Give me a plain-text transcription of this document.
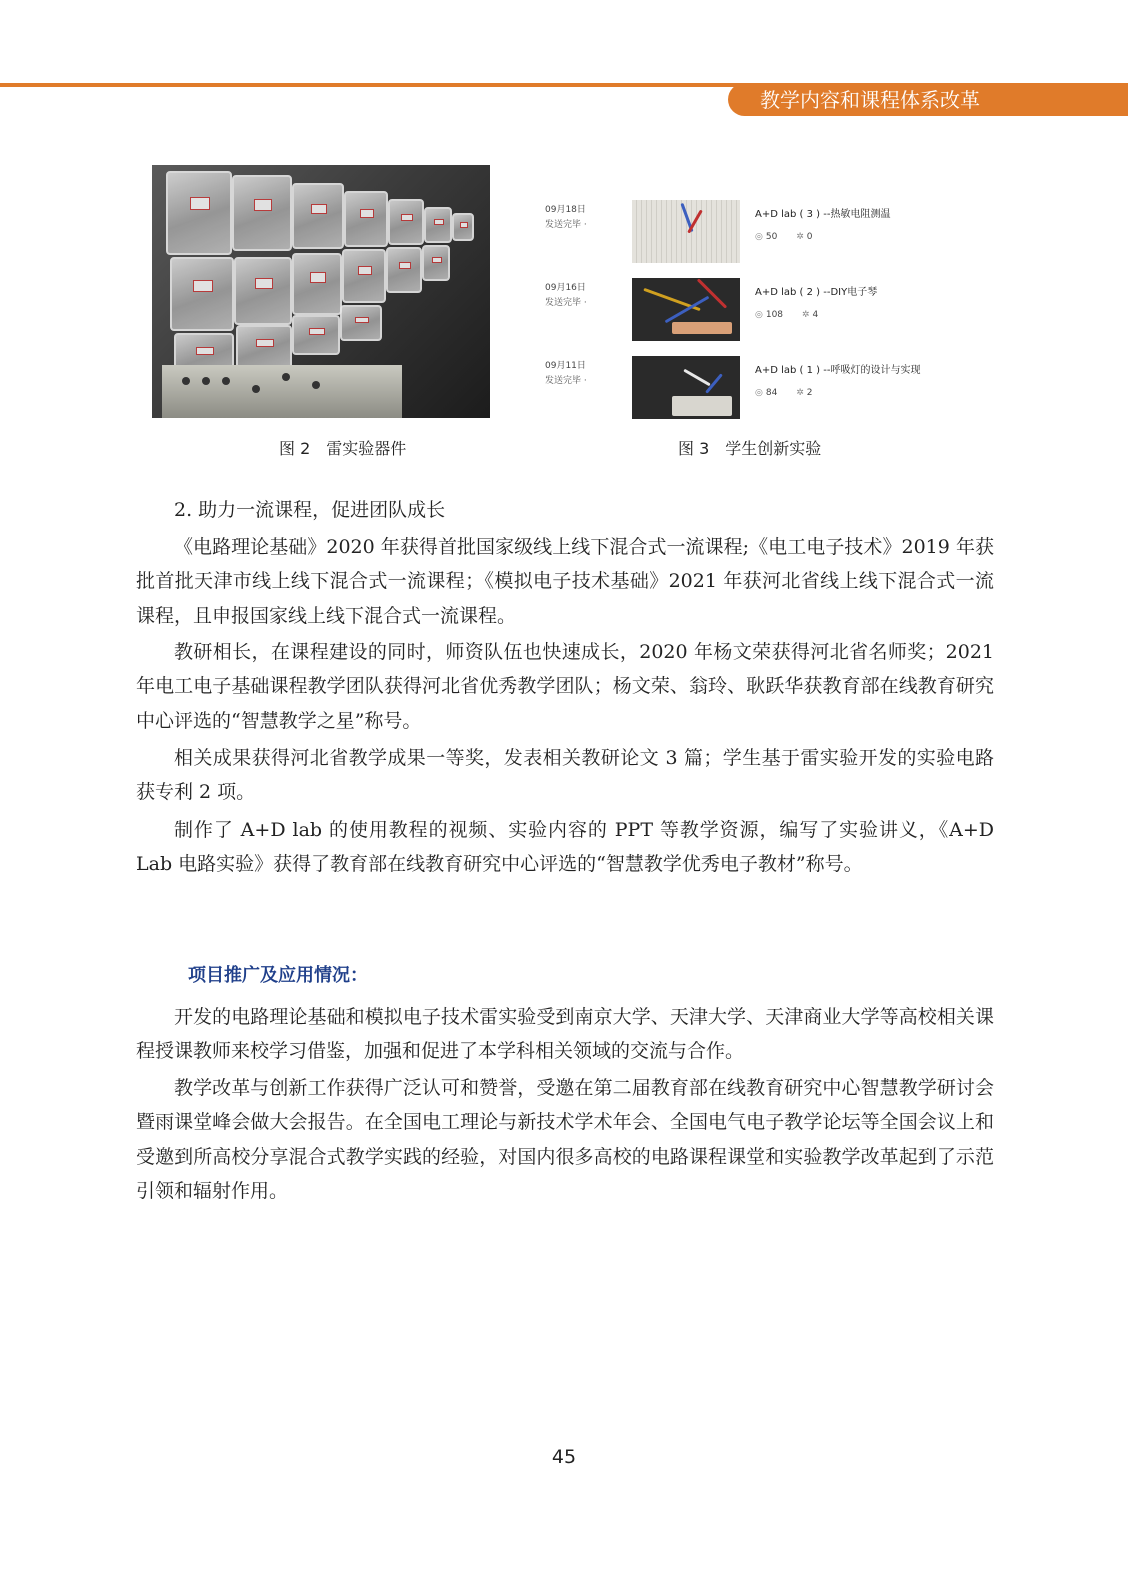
教学内容和课程体系改革
图 2　雷实验器件
09月18日
发送完毕 ·
A+D lab ( 3 ) --热敏电阻测温
◎ 50 ✲ 0
09月16日
发送完毕 ·
A+D lab ( 2 ) --DIY电子琴
◎ 108 ✲ 4
09月11日
发送完毕 ·
A+D lab ( 1 ) --呼吸灯的设计与实现
◎ 84 ✲ 2
图 3　学生创新实验

2. 助力一流课程，促进团队成长

《电路理论基础》2020 年获得首批国家级线上线下混合式一流课程;《电工电子技术》2019 年获批首批天津市线上线下混合式一流课程；《模拟电子技术基础》2021 年获河北省线上线下混合式一流课程，且申报国家线上线下混合式一流课程。

教研相长，在课程建设的同时，师资队伍也快速成长，2020 年杨文荣获得河北省名师奖；2021 年电工电子基础课程教学团队获得河北省优秀教学团队；杨文荣、翁玲、耿跃华获教育部在线教育研究中心评选的“智慧教学之星”称号。

相关成果获得河北省教学成果一等奖，发表相关教研论文 3 篇；学生基于雷实验开发的实验电路获专利 2 项。

制作了 A+D lab 的使用教程的视频、实验内容的 PPT 等教学资源，编写了实验讲义，《A+D Lab 电路实验》获得了教育部在线教育研究中心评选的“智慧教学优秀电子教材”称号。

项目推广及应用情况：

开发的电路理论基础和模拟电子技术雷实验受到南京大学、天津大学、天津商业大学等高校相关课程授课教师来校学习借鉴，加强和促进了本学科相关领域的交流与合作。

教学改革与创新工作获得广泛认可和赞誉，受邀在第二届教育部在线教育研究中心智慧教学研讨会暨雨课堂峰会做大会报告。在全国电工理论与新技术学术年会、全国电气电子教学论坛等全国会议上和受邀到所高校分享混合式教学实践的经验，对国内很多高校的电路课程课堂和实验教学改革起到了示范引领和辐射作用。

45
